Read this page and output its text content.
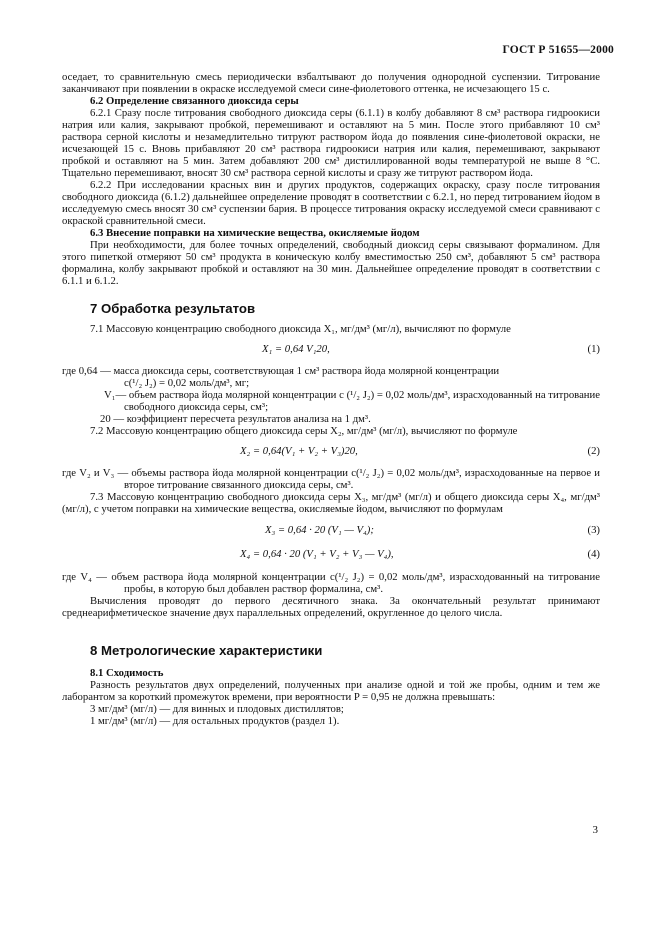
ГОСТ Р 51655—2000

оседает, то сравнительную смесь периодически взбалтывают до получения однородной суспензии. Титрование заканчивают при появлении в окраске исследуемой смеси сине-фиолетового оттенка, не исчезающего 15 с.

6.2 Определение связанного диоксида серы

6.2.1 Сразу после титрования свободного диоксида серы (6.1.1) в колбу добавляют 8 см³ раствора гидроокиси натрия или калия, закрывают пробкой, перемешивают и оставляют на 5 мин. После этого прибавляют 10 см³ раствора серной кислоты и незамедлительно титруют раствором йода до появления сине-фиолетовой окраски, не исчезающей 15 с. Вновь прибавляют 20 см³ раствора гидроокиси натрия или калия, перемешивают, закрывают пробкой и оставляют на 5 мин. Затем добавляют 200 см³ дистиллированной воды температурой не выше 8 °С. Тщательно перемешивают, вносят 30 см³ раствора серной кислоты и сразу же титруют раствором йода.

6.2.2 При исследовании красных вин и других продуктов, содержащих окраску, сразу после титрования свободного диоксида (6.1.2) дальнейшее определение проводят в соответствии с 6.2.1, но перед титрованием йодом в исследуемую смесь вносят 30 см³ суспензии бария. В процессе титрования окраску исследуемой смеси сравнивают с окраской сравнительной смеси.

6.3 Внесение поправки на химические вещества, окисляемые йодом

При необходимости, для более точных определений, свободный диоксид серы связывают формалином. Для этого пипеткой отмеряют 50 см³ продукта в коническую колбу вместимостью 250 см³, добавляют 5 см³ раствора формалина, колбу закрывают пробкой и оставляют на 30 мин. Дальнейшее определение проводят в соответствии с 6.1.1 и 6.1.2.

7 Обработка результатов

7.1 Массовую концентрацию свободного диоксида X₁, мг/дм³ (мг/л), вычисляют по формуле

X₁ = 0,64 V₁20,	(1)

где 0,64 — масса диоксида серы, соответствующая 1 см³ раствора йода молярной концентрации

c(¹/₂ J₂) = 0,02 моль/дм³, мг;

V₁— объем раствора йода молярной концентрации c (¹/₂ J₂) = 0,02 моль/дм³, израсходованный на титрование свободного диоксида серы, см³;

20 — коэффициент пересчета результатов анализа на 1 дм³.

7.2 Массовую концентрацию общего диоксида серы X₂, мг/дм³ (мг/л), вычисляют по формуле

X₂ = 0,64(V₁ + V₂ + V₃)20,	(2)

где V₂ и V₃ — объемы раствора йода молярной концентрации c(¹/₂ J₂) = 0,02 моль/дм³, израсходованные на первое и второе титрование связанного диоксида серы, см³.

7.3 Массовую концентрацию свободного диоксида серы X₃, мг/дм³ (мг/л) и общего диоксида серы X₄, мг/дм³ (мг/л), с учетом поправки на химические вещества, окисляемые йодом, вычисляют по формулам

X₃ = 0,64 · 20 (V₁ — V₄);	(3)
X₄ = 0,64 · 20 (V₁ + V₂ + V₃ — V₄),	(4)

где V₄ — объем раствора йода молярной концентрации c(¹/₂ J₂) = 0,02 моль/дм³, израсходованный на титрование пробы, в которую был добавлен раствор формалина, см³.

Вычисления проводят до первого десятичного знака. За окончательный результат принимают среднеарифметическое значение двух параллельных определений, округленное до целого числа.

8 Метрологические характеристики

8.1 Сходимость

Разность результатов двух определений, полученных при анализе одной и той же пробы, одним и тем же лаборантом за короткий промежуток времени, при вероятности P = 0,95 не должна превышать:

3 мг/дм³ (мг/л) — для винных и плодовых дистиллятов;

1 мг/дм³ (мг/л) — для остальных продуктов (раздел 1).

3
